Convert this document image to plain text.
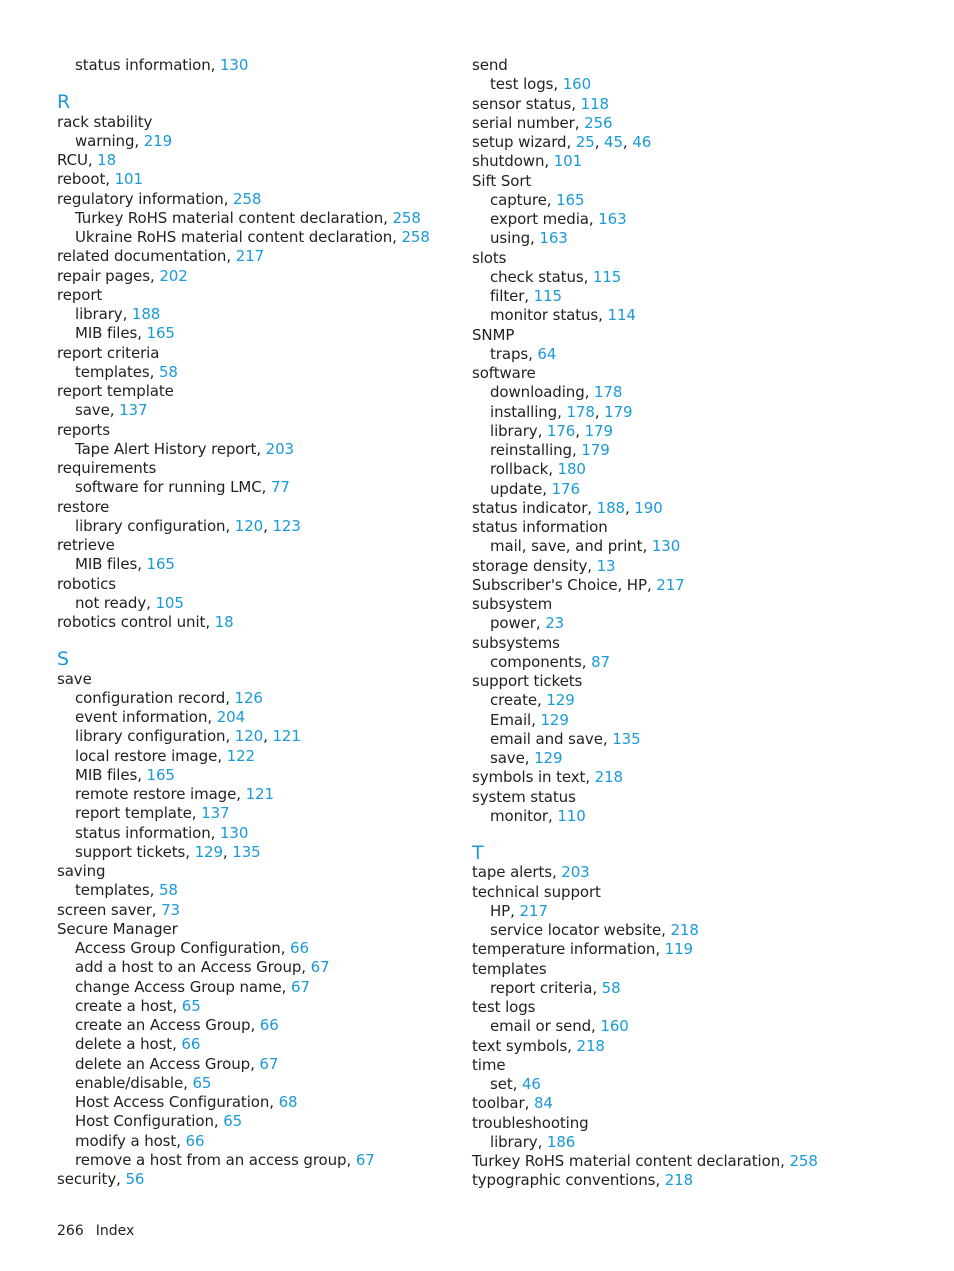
status information, 130
R
rack stability
warning, 219
RCU, 18
reboot, 101
regulatory information, 258
Turkey RoHS material content declaration, 258
Ukraine RoHS material content declaration, 258
related documentation, 217
repair pages, 202
report
library, 188
MIB files, 165
report criteria
templates, 58
report template
save, 137
reports
Tape Alert History report, 203
requirements
software for running LMC, 77
restore
library configuration, 120, 123
retrieve
MIB files, 165
robotics
not ready, 105
robotics control unit, 18
S
save
configuration record, 126
event information, 204
library configuration, 120, 121
local restore image, 122
MIB files, 165
remote restore image, 121
report template, 137
status information, 130
support tickets, 129, 135
saving
templates, 58
screen saver, 73
Secure Manager
Access Group Configuration, 66
add a host to an Access Group, 67
change Access Group name, 67
create a host, 65
create an Access Group, 66
delete a host, 66
delete an Access Group, 67
enable/disable, 65
Host Access Configuration, 68
Host Configuration, 65
modify a host, 66
remove a host from an access group, 67
security, 56
send
test logs, 160
sensor status, 118
serial number, 256
setup wizard, 25, 45, 46
shutdown, 101
Sift Sort
capture, 165
export media, 163
using, 163
slots
check status, 115
filter, 115
monitor status, 114
SNMP
traps, 64
software
downloading, 178
installing, 178, 179
library, 176, 179
reinstalling, 179
rollback, 180
update, 176
status indicator, 188, 190
status information
mail, save, and print, 130
storage density, 13
Subscriber's Choice, HP, 217
subsystem
power, 23
subsystems
components, 87
support tickets
create, 129
Email, 129
email and save, 135
save, 129
symbols in text, 218
system status
monitor, 110
T
tape alerts, 203
technical support
HP, 217
service locator website, 218
temperature information, 119
templates
report criteria, 58
test logs
email or send, 160
text symbols, 218
time
set, 46
toolbar, 84
troubleshooting
library, 186
Turkey RoHS material content declaration, 258
typographic conventions, 218
266 Index
